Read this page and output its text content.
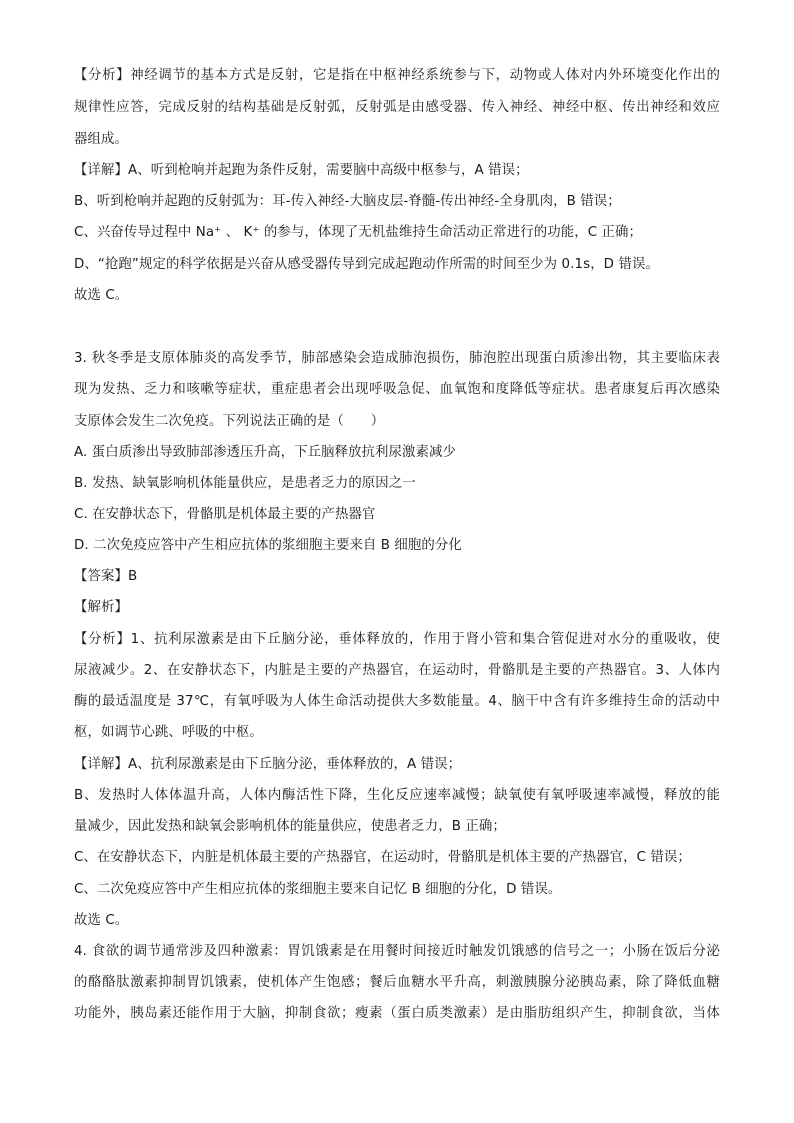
【分析】神经调节的基本方式是反射，它是指在中枢神经系统参与下，动物或人体对内外环境变化作出的
规律性应答，完成反射的结构基础是反射弧，反射弧是由感受器、传入神经、神经中枢、传出神经和效应
器组成。
【详解】A、听到枪响并起跑为条件反射，需要脑中高级中枢参与，A 错误；
B、听到枪响并起跑的反射弧为：耳-传入神经-大脑皮层-脊髓-传出神经-全身肌肉，B 错误；
C、兴奋传导过程中 Na⁺ 、 K⁺ 的参与，体现了无机盐维持生命活动正常进行的功能，C 正确；
D、“抢跑”规定的科学依据是兴奋从感受器传导到完成起跑动作所需的时间至少为 0.1s，D 错误。
故选 C。
3. 秋冬季是支原体肺炎的高发季节，肺部感染会造成肺泡损伤，肺泡腔出现蛋白质渗出物，其主要临床表
现为发热、乏力和咳嗽等症状，重症患者会出现呼吸急促、血氧饱和度降低等症状。患者康复后再次感染
支原体会发生二次免疫。下列说法正确的是（　　）
A. 蛋白质渗出导致肺部渗透压升高，下丘脑释放抗利尿激素减少
B. 发热、缺氧影响机体能量供应，是患者乏力的原因之一
C. 在安静状态下，骨骼肌是机体最主要的产热器官
D. 二次免疫应答中产生相应抗体的浆细胞主要来自 B 细胞的分化
【答案】B
【解析】
【分析】1、抗利尿激素是由下丘脑分泌，垂体释放的，作用于肾小管和集合管促进对水分的重吸收，使
尿液减少。2、在安静状态下，内脏是主要的产热器官，在运动时，骨骼肌是主要的产热器官。3、人体内
酶的最适温度是 37℃，有氧呼吸为人体生命活动提供大多数能量。4、脑干中含有许多维持生命的活动中
枢，如调节心跳、呼吸的中枢。
【详解】A、抗利尿激素是由下丘脑分泌，垂体释放的，A 错误；
B、发热时人体体温升高，人体内酶活性下降，生化反应速率减慢；缺氧使有氧呼吸速率减慢，释放的能
量减少，因此发热和缺氧会影响机体的能量供应，使患者乏力，B 正确；
C、在安静状态下，内脏是机体最主要的产热器官，在运动时，骨骼肌是机体主要的产热器官，C 错误；
C、二次免疫应答中产生相应抗体的浆细胞主要来自记忆 B 细胞的分化，D 错误。
故选 C。
4. 食欲的调节通常涉及四种激素：胃饥饿素是在用餐时间接近时触发饥饿感的信号之一；小肠在饭后分泌
的酪酪肽激素抑制胃饥饿素，使机体产生饱感；餐后血糖水平升高，刺激胰腺分泌胰岛素，除了降低血糖
功能外，胰岛素还能作用于大脑，抑制食欲；瘦素（蛋白质类激素）是由脂肪组织产生，抑制食欲，当体
